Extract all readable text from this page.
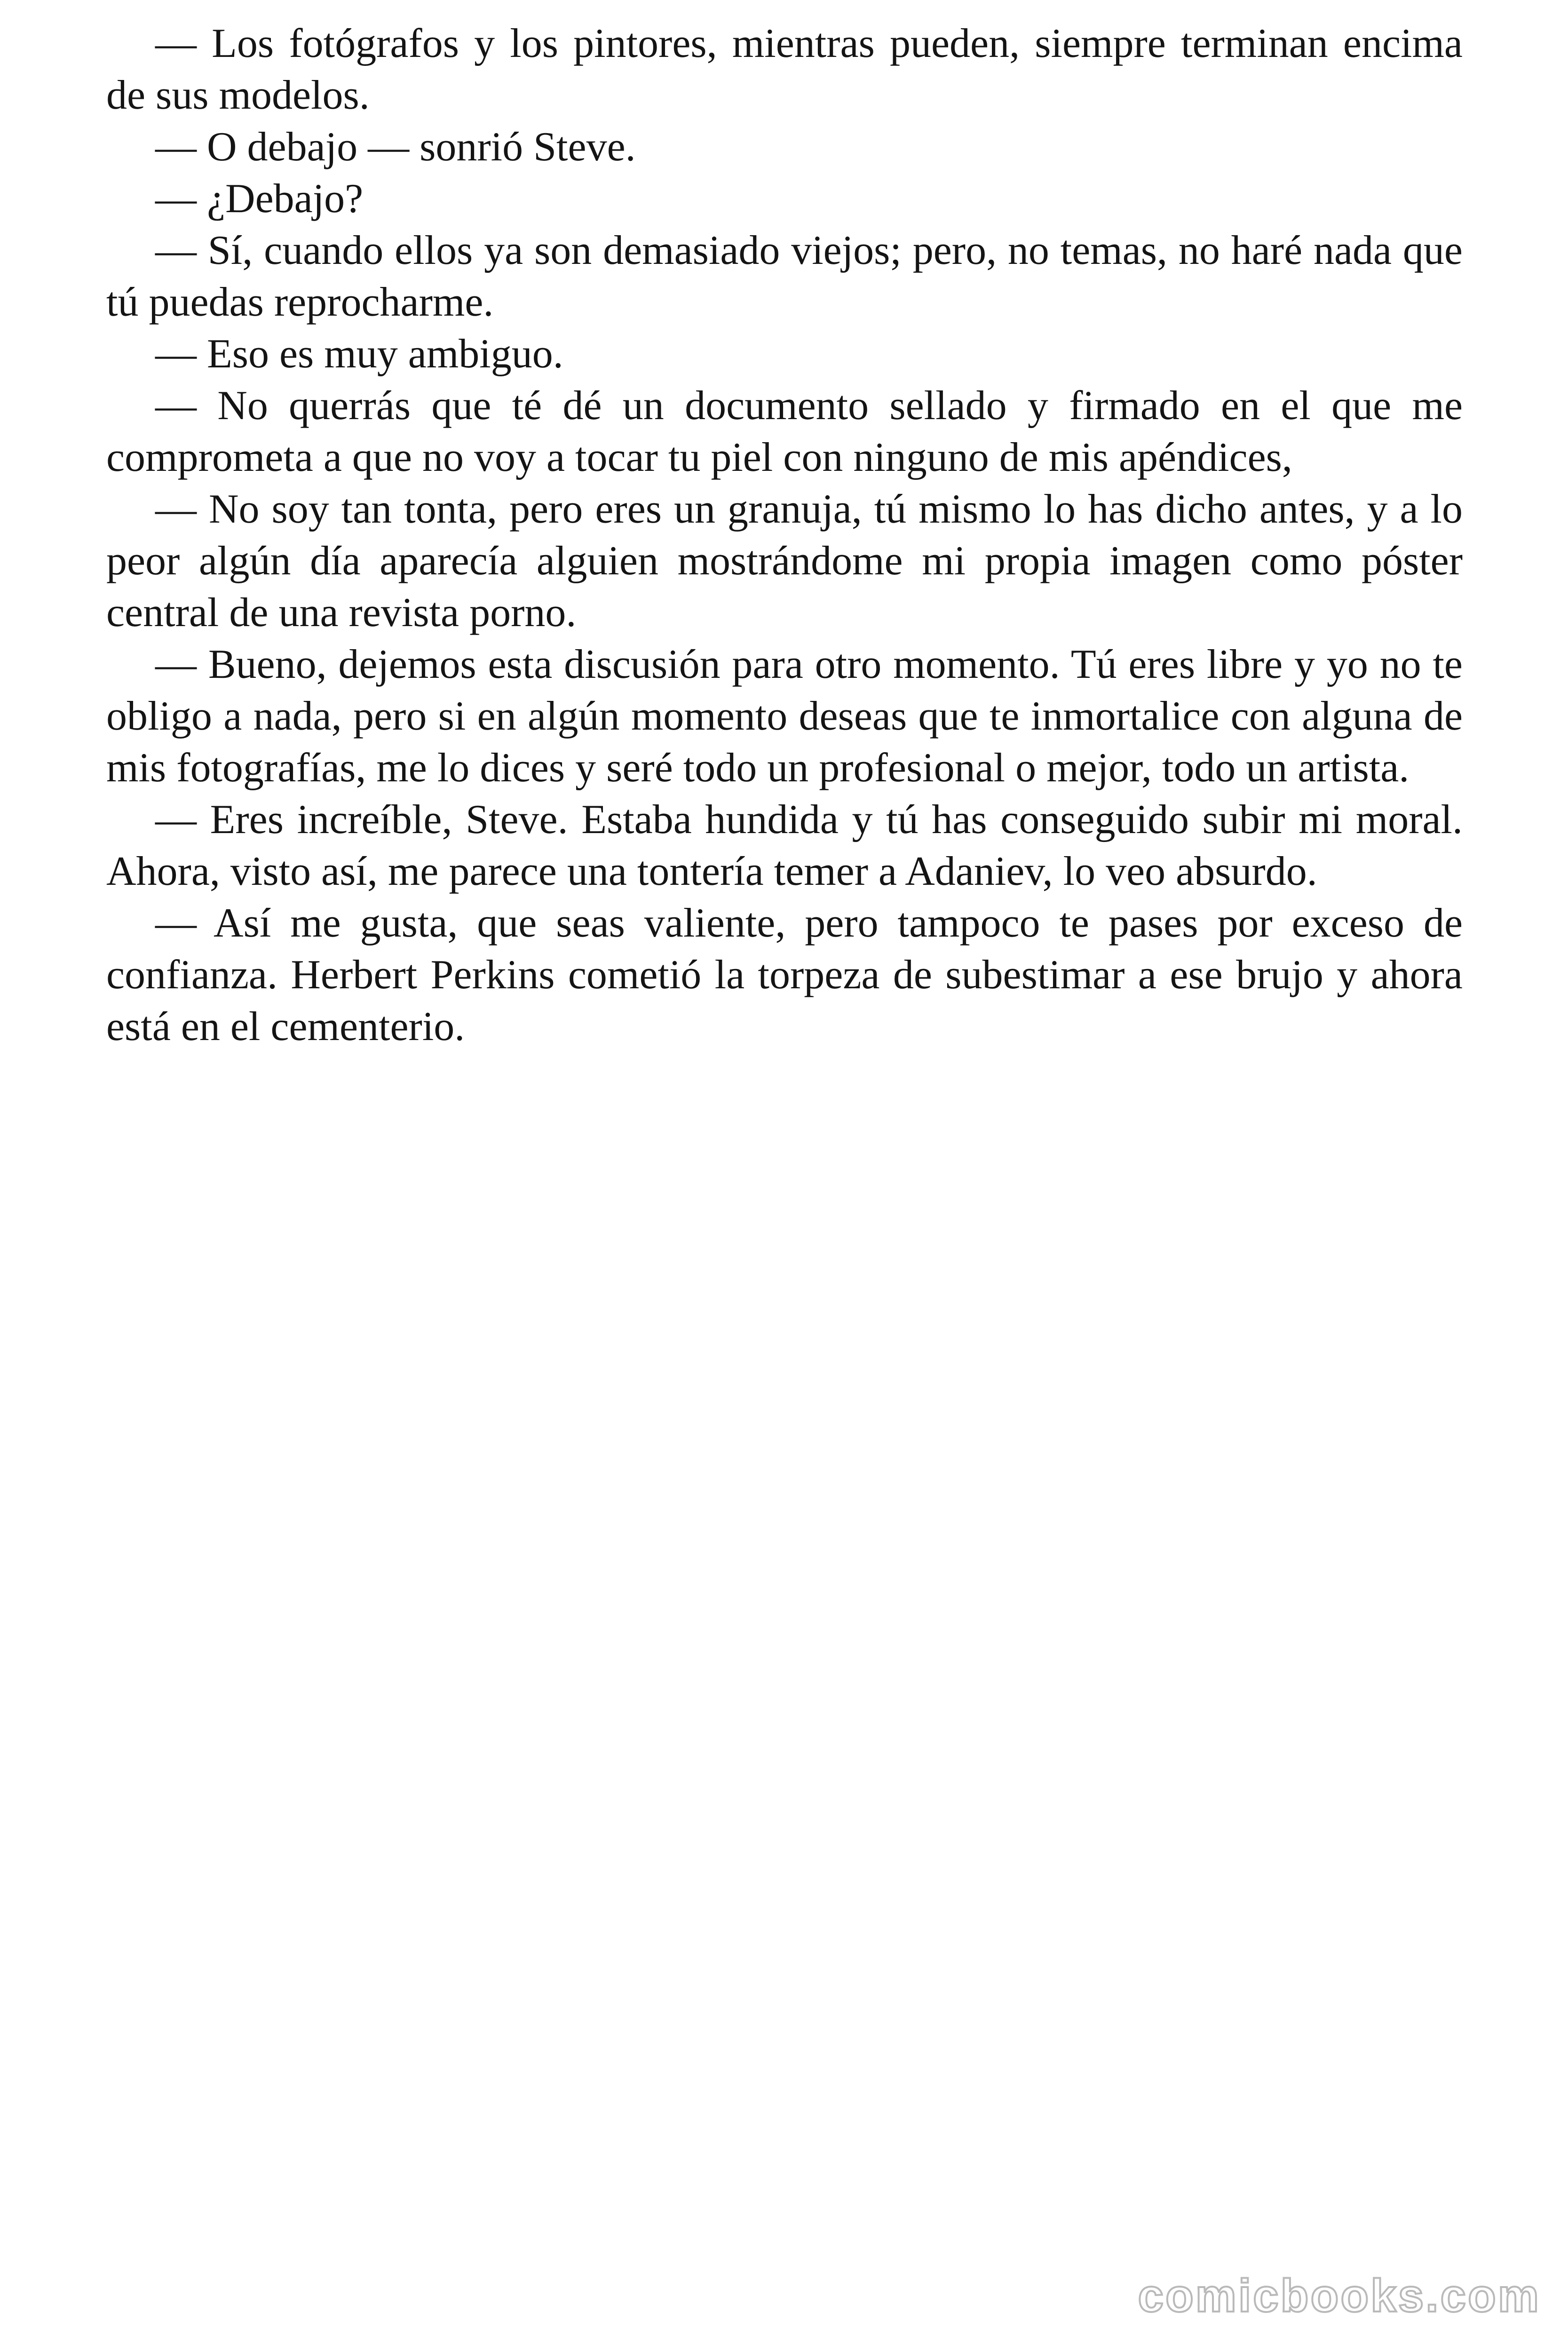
— Los fotógrafos y los pintores, mientras pueden, siempre terminan encima de sus modelos.

— O debajo — sonrió Steve.

— ¿Debajo?

— Sí, cuando ellos ya son demasiado viejos; pero, no temas, no haré nada que tú puedas reprocharme.

— Eso es muy ambiguo.

— No querrás que té dé un documento sellado y firmado en el que me comprometa a que no voy a tocar tu piel con ninguno de mis apéndices,

— No soy tan tonta, pero eres un granuja, tú mismo lo has dicho antes, y a lo peor algún día aparecía alguien mostrándome mi propia imagen como póster central de una revista porno.

— Bueno, dejemos esta discusión para otro momento. Tú eres libre y yo no te obligo a nada, pero si en algún momento deseas que te inmortalice con alguna de mis fotografías, me lo dices y seré todo un profesional o mejor, todo un artista.

— Eres increíble, Steve. Estaba hundida y tú has conseguido subir mi moral. Ahora, visto así, me parece una tontería temer a Adaniev, lo veo absurdo.

— Así me gusta, que seas valiente, pero tampoco te pases por exceso de confianza. Herbert Perkins cometió la torpeza de subestimar a ese brujo y ahora está en el cementerio.

comicbooks.com
